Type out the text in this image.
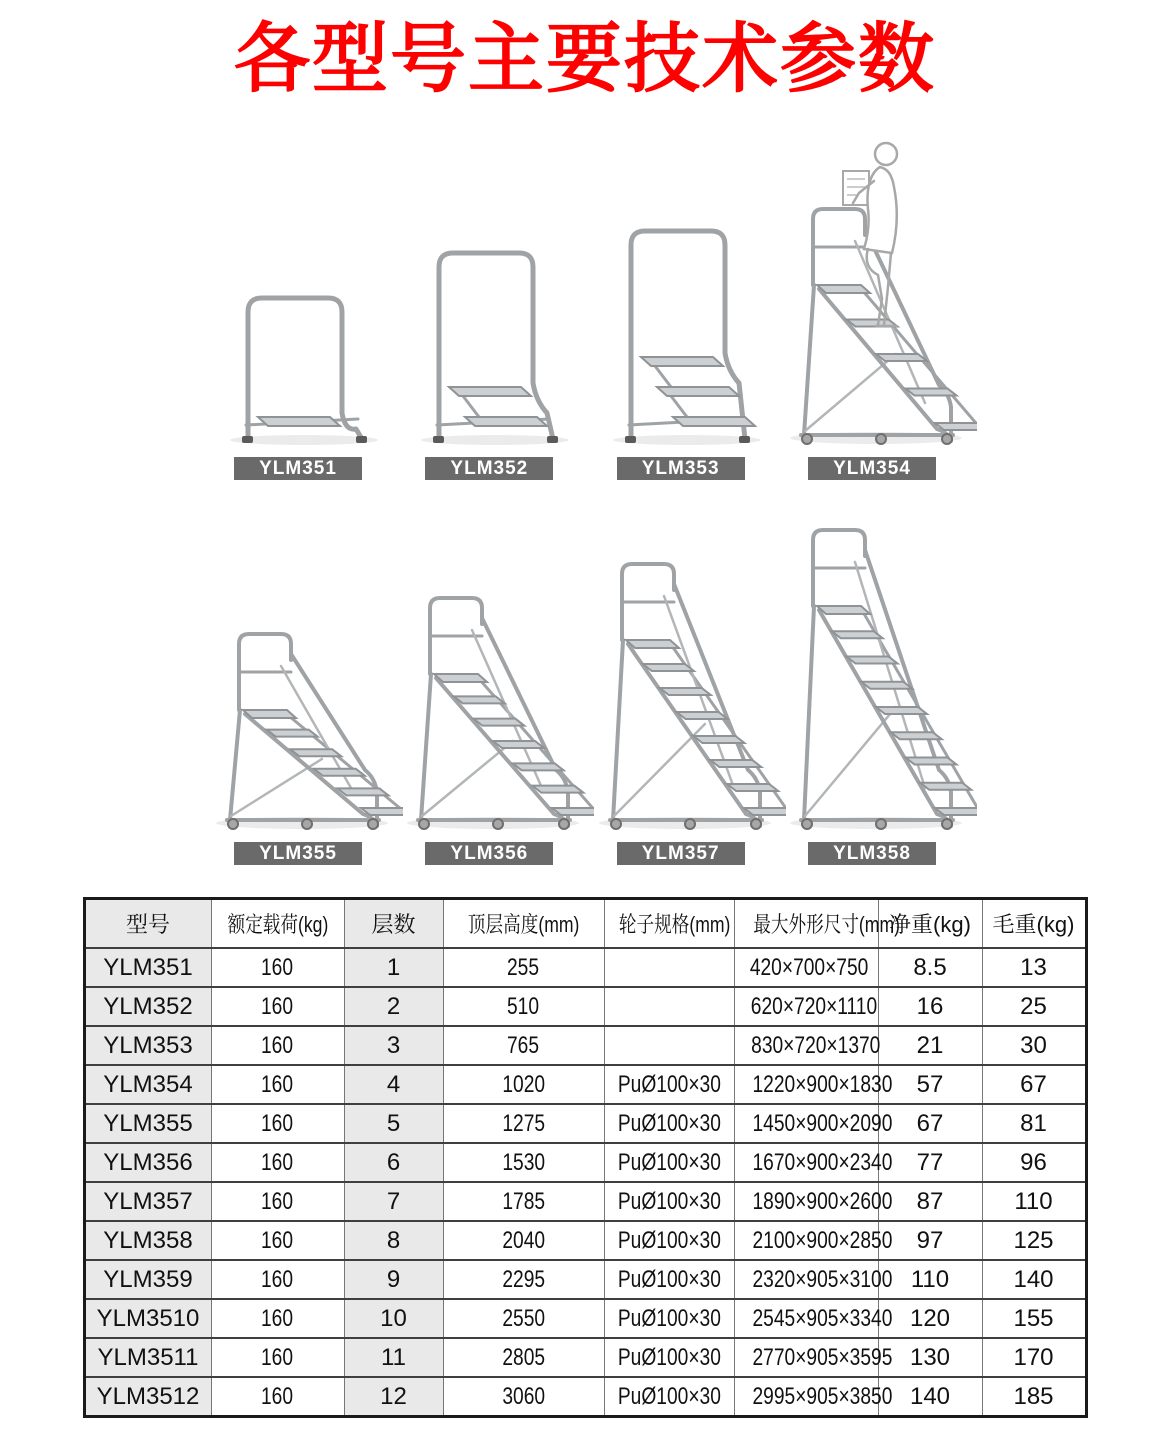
各型号主要技术参数
YLM351	YLM352	YLM353	YLM354
YLM355	YLM356	YLM357	YLM358
型号	额定载荷(kg)	层数	顶层高度(mm)	轮子规格(mm)	最大外形尺寸(mm)	净重(kg)	毛重(kg)
YLM351	160	1	255		420×700×750	8.5	13
YLM352	160	2	510		620×720×1110	16	25
YLM353	160	3	765		830×720×1370	21	30
YLM354	160	4	1020	PuØ100×30	1220×900×1830	57	67
YLM355	160	5	1275	PuØ100×30	1450×900×2090	67	81
YLM356	160	6	1530	PuØ100×30	1670×900×2340	77	96
YLM357	160	7	1785	PuØ100×30	1890×900×2600	87	110
YLM358	160	8	2040	PuØ100×30	2100×900×2850	97	125
YLM359	160	9	2295	PuØ100×30	2320×905×3100	110	140
YLM3510	160	10	2550	PuØ100×30	2545×905×3340	120	155
YLM3511	160	11	2805	PuØ100×30	2770×905×3595	130	170
YLM3512	160	12	3060	PuØ100×30	2995×905×3850	140	185
